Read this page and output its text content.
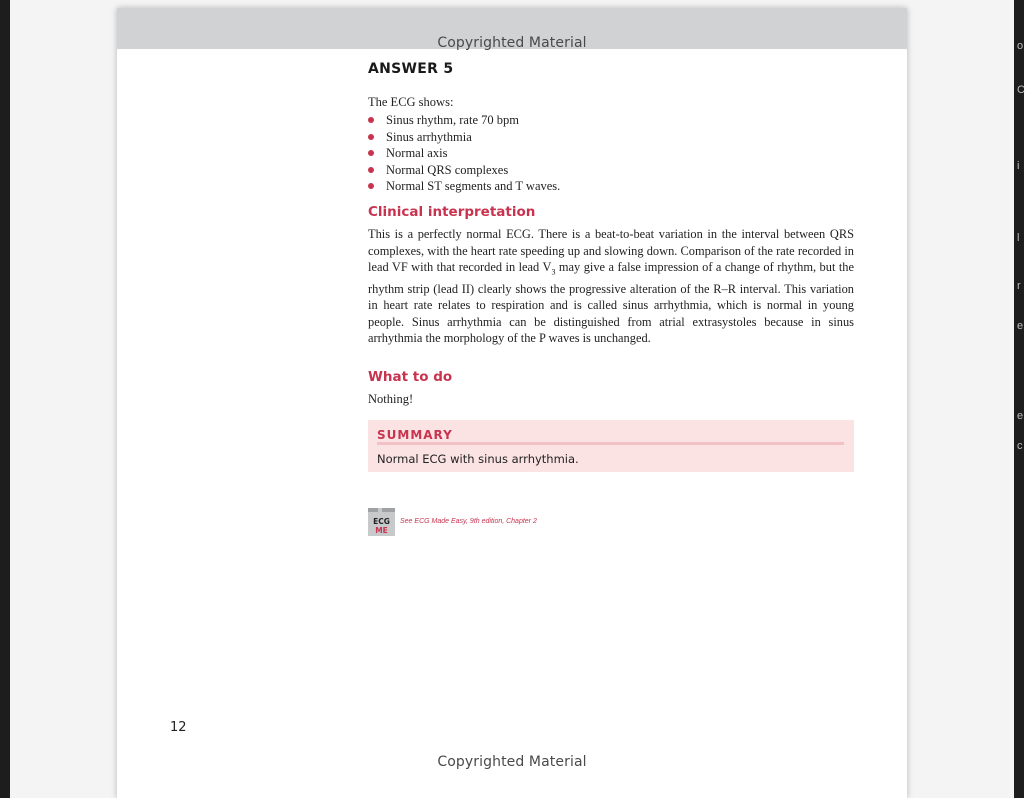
o
C
i
l
r
e
e
c
Copyrighted Material
ANSWER 5
The ECG shows:
Sinus rhythm, rate 70 bpm
Sinus arrhythmia
Normal axis
Normal QRS complexes
Normal ST segments and T waves.
Clinical interpretation

This is a perfectly normal ECG. There is a beat-to-beat variation in the interval between QRS complexes, with the heart rate speeding up and slowing down. Comparison of the rate recorded in lead VF with that recorded in lead $V_3$ may give a false impression of a change of rhythm, but the rhythm strip (lead II) clearly shows the progressive alteration of the R–R interval. This variation in heart rate relates to respiration and is called sinus arrhythmia, which is normal in young people. Sinus arrhythmia can be distinguished from atrial extrasystoles because in sinus arrhythmia the morphology of the P waves is unchanged.

What to do
Nothing!
SUMMARY
Normal ECG with sinus arrhythmia.
ECG
ME
See ECG Made Easy, 9th edition, Chapter 2
12
Copyrighted Material
